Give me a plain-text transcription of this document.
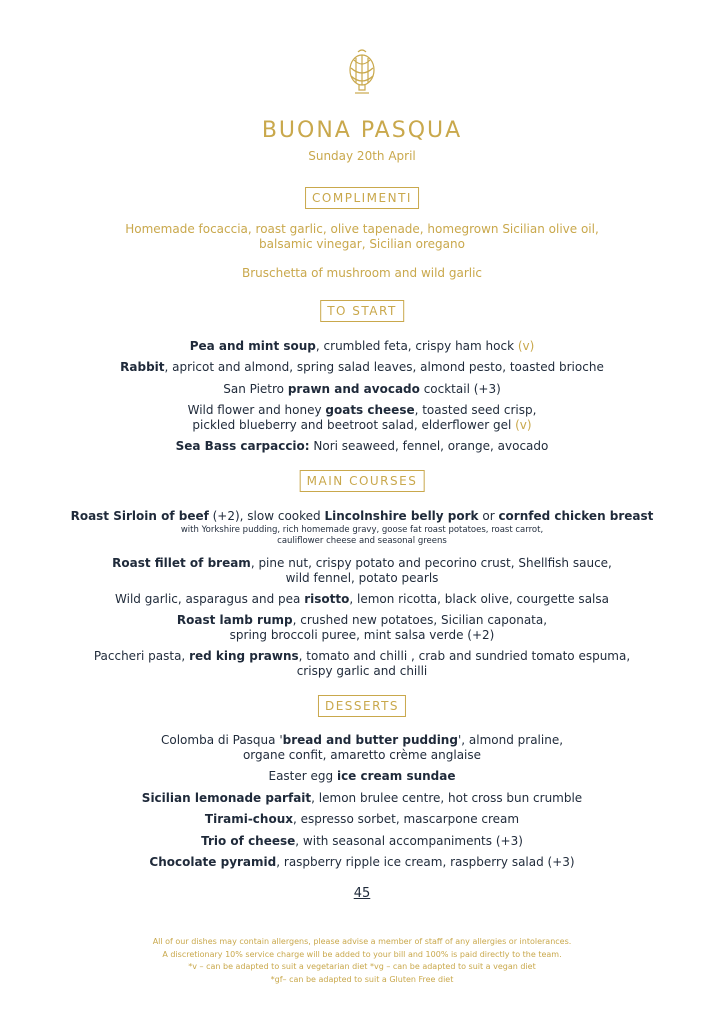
BUONA PASQUA
Sunday 20th April
COMPLIMENTI
Homemade focaccia, roast garlic, olive tapenade, homegrown Sicilian olive oil,
balsamic vinegar, Sicilian oregano
Bruschetta of mushroom and wild garlic
TO START
Pea and mint soup, crumbled feta, crispy ham hock (v)
Rabbit, apricot and almond, spring salad leaves, almond pesto, toasted brioche
San Pietro prawn and avocado cocktail (+3)
Wild flower and honey goats cheese, toasted seed crisp,
pickled blueberry and beetroot salad, elderflower gel (v)
Sea Bass carpaccio: Nori seaweed, fennel, orange, avocado
MAIN COURSES
Roast Sirloin of beef (+2), slow cooked Lincolnshire belly pork or cornfed chicken breast
with Yorkshire pudding, rich homemade gravy, goose fat roast potatoes, roast carrot,
cauliflower cheese and seasonal greens
Roast fillet of bream, pine nut, crispy potato and pecorino crust, Shellfish sauce,
wild fennel, potato pearls
Wild garlic, asparagus and pea risotto, lemon ricotta, black olive, courgette salsa
Roast lamb rump, crushed new potatoes, Sicilian caponata,
spring broccoli puree, mint salsa verde (+2)
Paccheri pasta, red king prawns, tomato and chilli , crab and sundried tomato espuma,
crispy garlic and chilli
DESSERTS
Colomba di Pasqua 'bread and butter pudding', almond praline,
organe confit, amaretto crème anglaise
Easter egg ice cream sundae
Sicilian lemonade parfait, lemon brulee centre, hot cross bun crumble
Tirami-choux, espresso sorbet, mascarpone cream
Trio of cheese, with seasonal accompaniments (+3)
Chocolate pyramid, raspberry ripple ice cream, raspberry salad (+3)
45
All of our dishes may contain allergens, please advise a member of staff of any allergies or intolerances.
A discretionary 10% service charge will be added to your bill and 100% is paid directly to the team.
*v – can be adapted to suit a vegetarian diet *vg – can be adapted to suit a vegan diet
*gf– can be adapted to suit a Gluten Free diet
